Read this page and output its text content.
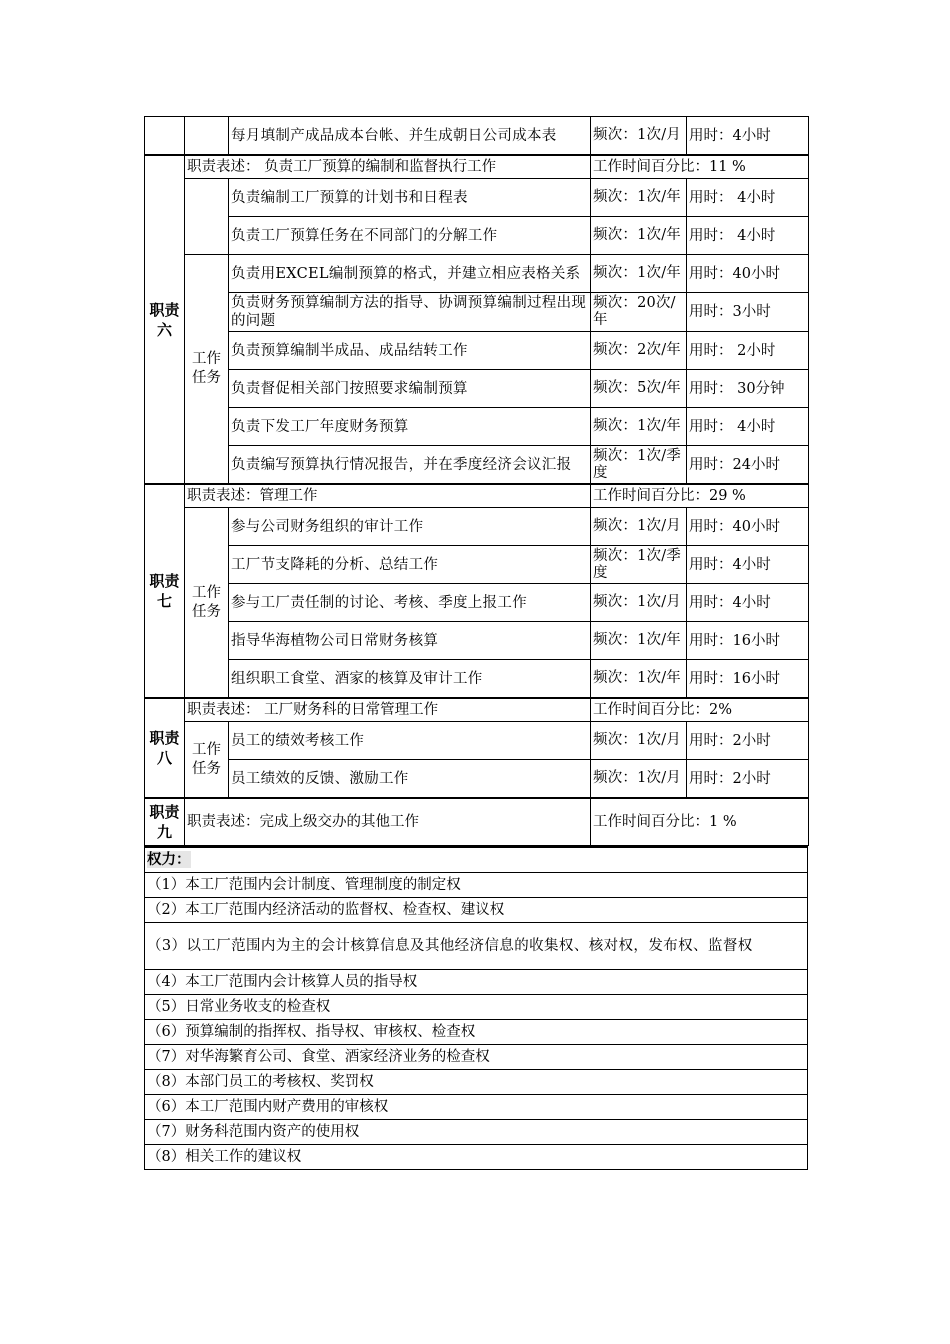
		每月填制产成品成本台帐、并生成朝日公司成本表	频次：1次/月	用时：4小时
职责六	职责表述： 负责工厂预算的编制和监督执行工作		工作时间百分比：11 %	
		负责编制工厂预算的计划书和日程表	频次：1次/年	用时： 4小时
		负责工厂预算任务在不同部门的分解工作	频次：1次/年	用时： 4小时
	工作任务	负责用EXCEL编制预算的格式，并建立相应表格关系	频次：1次/年	用时：40小时
		负责财务预算编制方法的指导、协调预算编制过程出现的问题	频次：20次/ 年	用时：3小时
		负责预算编制半成品、成品结转工作	频次：2次/年	用时： 2小时
		负责督促相关部门按照要求编制预算	频次：5次/年	用时： 30分钟
		负责下发工厂年度财务预算	频次：1次/年	用时： 4小时
		负责编写预算执行情况报告，并在季度经济会议汇报	频次：1次/季度	用时：24小时
职责七	职责表述：管理工作		工作时间百分比：29 %	
	工作任务	参与公司财务组织的审计工作	频次：1次/月	用时：40小时
		工厂节支降耗的分析、总结工作	频次：1次/季度	用时：4小时
		参与工厂责任制的讨论、考核、季度上报工作	频次：1次/月	用时：4小时
		指导华海植物公司日常财务核算	频次：1次/年	用时：16小时
		组织职工食堂、酒家的核算及审计工作	频次：1次/年	用时：16小时
职责八	职责表述： 工厂财务科的日常管理工作		工作时间百分比：2%	
	工作任务	员工的绩效考核工作	频次：1次/月	用时：2小时
		员工绩效的反馈、激励工作	频次：1次/月	用时：2小时
职责九	职责表述：完成上级交办的其他工作		工作时间百分比：1 %	
权力：
（1）本工厂范围内会计制度、管理制度的制定权
（2）本工厂范围内经济活动的监督权、检查权、建议权
（3）以工厂范围内为主的会计核算信息及其他经济信息的收集权、核对权，发布权、监督权
（4）本工厂范围内会计核算人员的指导权
（5）日常业务收支的检查权
（6）预算编制的指挥权、指导权、审核权、检查权
（7）对华海繁育公司、食堂、酒家经济业务的检查权
（8）本部门员工的考核权、奖罚权
（6）本工厂范围内财产费用的审核权
（7）财务科范围内资产的使用权
（8）相关工作的建议权
